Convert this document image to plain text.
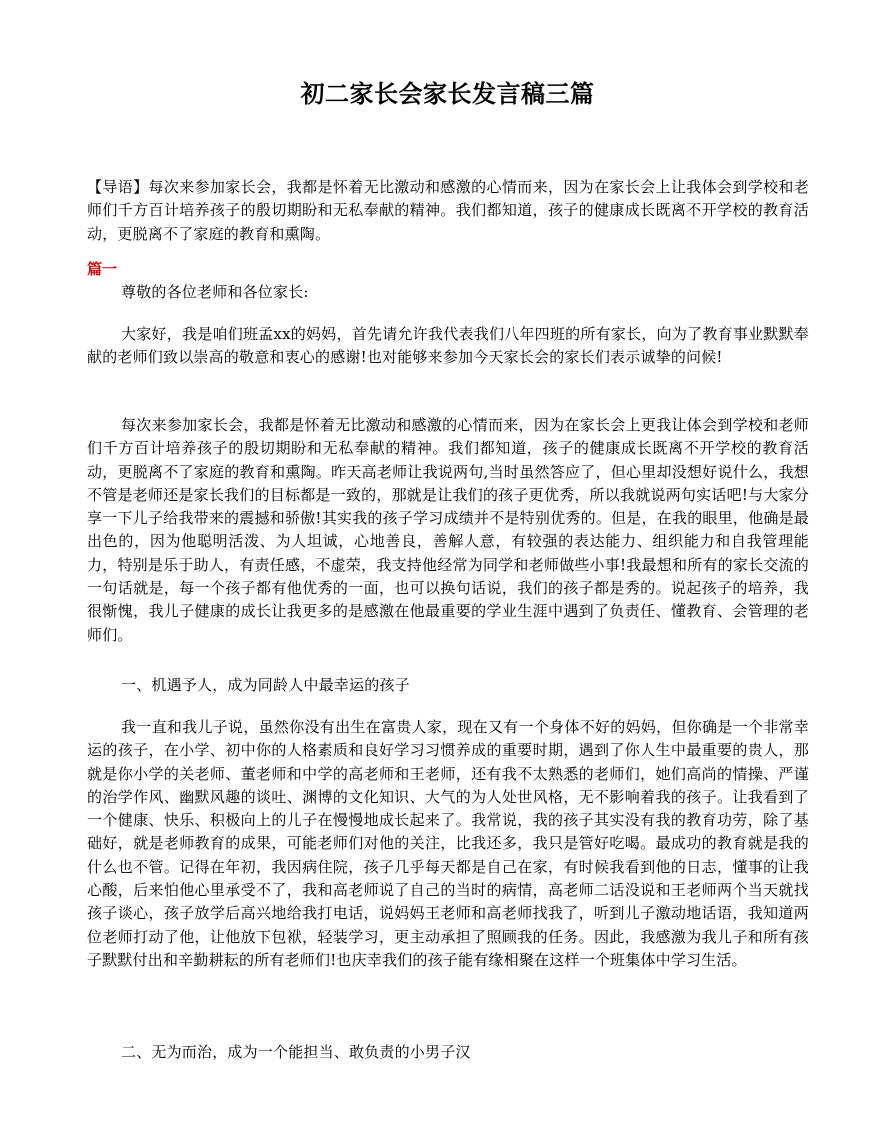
初二家长会家长发言稿三篇
【导语】每次来参加家长会，我都是怀着无比激动和感激的心情而来，因为在家长会上让我体会到学校和老师们千方百计培养孩子的殷切期盼和无私奉献的精神。我们都知道，孩子的健康成长既离不开学校的教育活动，更脱离不了家庭的教育和熏陶。
篇一
尊敬的各位老师和各位家长:
大家好，我是咱们班孟xx的妈妈，首先请允许我代表我们八年四班的所有家长，向为了教育事业默默奉献的老师们致以崇高的敬意和衷心的感谢!也对能够来参加今天家长会的家长们表示诚挚的问候!
每次来参加家长会，我都是怀着无比激动和感激的心情而来，因为在家长会上更我让体会到学校和老师们千方百计培养孩子的殷切期盼和无私奉献的精神。我们都知道，孩子的健康成长既离不开学校的教育活动，更脱离不了家庭的教育和熏陶。昨天高老师让我说两句,当时虽然答应了，但心里却没想好说什么，我想不管是老师还是家长我们的目标都是一致的，那就是让我们的孩子更优秀，所以我就说两句实话吧!与大家分享一下儿子给我带来的震撼和骄傲!其实我的孩子学习成绩并不是特别优秀的。但是，在我的眼里，他确是最出色的，因为他聪明活泼、为人坦诚，心地善良，善解人意，有较强的表达能力、组织能力和自我管理能力，特别是乐于助人，有责任感，不虚荣，我支持他经常为同学和老师做些小事!我最想和所有的家长交流的一句话就是，每一个孩子都有他优秀的一面，也可以换句话说，我们的孩子都是秀的。说起孩子的培养，我很惭愧，我儿子健康的成长让我更多的是感激在他最重要的学业生涯中遇到了负责任、懂教育、会管理的老师们。
一、机遇予人，成为同龄人中最幸运的孩子
我一直和我儿子说，虽然你没有出生在富贵人家，现在又有一个身体不好的妈妈，但你确是一个非常幸运的孩子，在小学、初中你的人格素质和良好学习习惯养成的重要时期，遇到了你人生中最重要的贵人，那就是你小学的关老师、董老师和中学的高老师和王老师，还有我不太熟悉的老师们，她们高尚的情操、严谨的治学作风、幽默风趣的谈吐、渊博的文化知识、大气的为人处世风格，无不影响着我的孩子。让我看到了一个健康、快乐、积极向上的儿子在慢慢地成长起来了。我常说，我的孩子其实没有我的教育功劳，除了基础好，就是老师教育的成果，可能老师们对他的关注，比我还多，我只是管好吃喝。最成功的教育就是我的什么也不管。记得在年初，我因病住院，孩子几乎每天都是自己在家，有时候我看到他的日志，懂事的让我心酸，后来怕他心里承受不了，我和高老师说了自己的当时的病情，高老师二话没说和王老师两个当天就找孩子谈心，孩子放学后高兴地给我打电话，说妈妈王老师和高老师找我了，听到儿子激动地话语，我知道两位老师打动了他，让他放下包袱，轻装学习，更主动承担了照顾我的任务。因此，我感激为我儿子和所有孩子默默付出和辛勤耕耘的所有老师们!也庆幸我们的孩子能有缘相聚在这样一个班集体中学习生活。
二、无为而治，成为一个能担当、敢负责的小男子汉
